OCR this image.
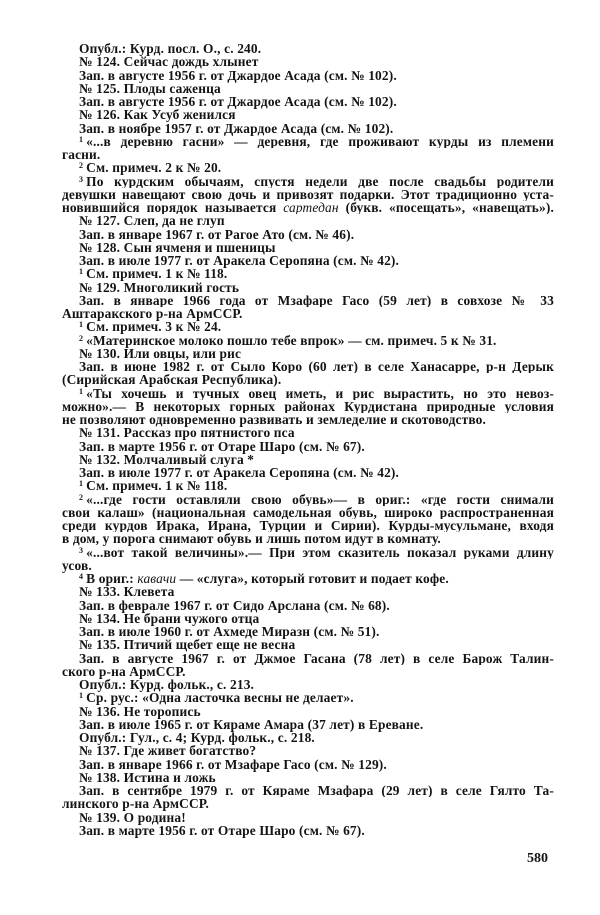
Опубл.: Курд. посл. О., с. 240.
№ 124. Сейчас дождь хлынет
Зап. в августе 1956 г. от Джардое Асада (см. № 102).
№ 125. Плоды саженца
Зап. в августе 1956 г. от Джардое Асада (см. № 102).
№ 126. Как Усуб женился
Зап. в ноябре 1957 г. от Джардое Асада (см. № 102).
$^1$ «...в деревню гасни» — деревня, где проживают курды из племени
гасни.
$^2$ См. примеч. 2 к № 20.
$^3$ По курдским обычаям, спустя недели две после свадьбы родители
девушки навещают свою дочь и привозят подарки. Этот традиционно уста-
новившийся порядок называется сартедан (букв. «посещать», «навещать»).
№ 127. Слеп, да не глуп
Зап. в январе 1967 г. от Рагое Ато (см. № 46).
№ 128. Сын ячменя и пшеницы
Зап. в июле 1977 г. от Аракела Серопяна (см. № 42).
$^1$ См. примеч. 1 к № 118.
№ 129. Многоликий гость
Зап. в январе 1966 года от Мзафаре Гасо (59 лет) в совхозе № 33
Аштаракского р-на АрмССР.
$^1$ См. примеч. 3 к № 24.
$^2$ «Материнское молоко пошло тебе впрок» — см. примеч. 5 к № 31.
№ 130. Или овцы, или рис
Зап. в июне 1982 г. от Сыло Коро (60 лет) в селе Ханасарре, р-н Дерык
(Сирийская Арабская Республика).
$^1$ «Ты хочешь и тучных овец иметь, и рис вырастить, но это невоз-
можно».— В некоторых горных районах Курдистана природные условия
не позволяют одновременно развивать и земледелие и скотоводство.
№ 131. Рассказ про пятнистого пса
Зап. в марте 1956 г. от Отаре Шаро (см. № 67).
№ 132. Молчаливый слуга *
Зап. в июле 1977 г. от Аракела Серопяна (см. № 42).
$^1$ См. примеч. 1 к № 118.
$^2$ «...где гости оставляли свою обувь»— в ориг.: «где гости снимали
свои калаш» (национальная самодельная обувь, широко распространенная
среди курдов Ирака, Ирана, Турции и Сирии). Курды-мусульмане, входя
в дом, у порога снимают обувь и лишь потом идут в комнату.
$^3$ «...вот такой величины».— При этом сказитель показал руками длину
усов.
$^4$ В ориг.: кавачи — «слуга», который готовит и подает кофе.
№ 133. Клевета
Зап. в феврале 1967 г. от Сидо Арслана (см. № 68).
№ 134. Не брани чужого отца
Зап. в июле 1960 г. от Ахмеде Миразн (см. № 51).
№ 135. Птичий щебет еще не весна
Зап. в августе 1967 г. от Джмое Гасана (78 лет) в селе Барож Талин-
ского р-на АрмССР.
Опубл.: Курд. фольк., с. 213.
$^1$ Ср. рус.: «Одна ласточка весны не делает».
№ 136. Не торопись
Зап. в июле 1965 г. от Кяраме Амара (37 лет) в Ереване.
Опубл.: Гул., с. 4; Курд. фольк., с. 218.
№ 137. Где живет богатство?
Зап. в январе 1966 г. от Мзафаре Гасо (см. № 129).
№ 138. Истина и ложь
Зап. в сентябре 1979 г. от Кяраме Мзафара (29 лет) в селе Гялто Та-
линского р-на АрмССР.
№ 139. О родина!
Зап. в марте 1956 г. от Отаре Шаро (см. № 67).
580
